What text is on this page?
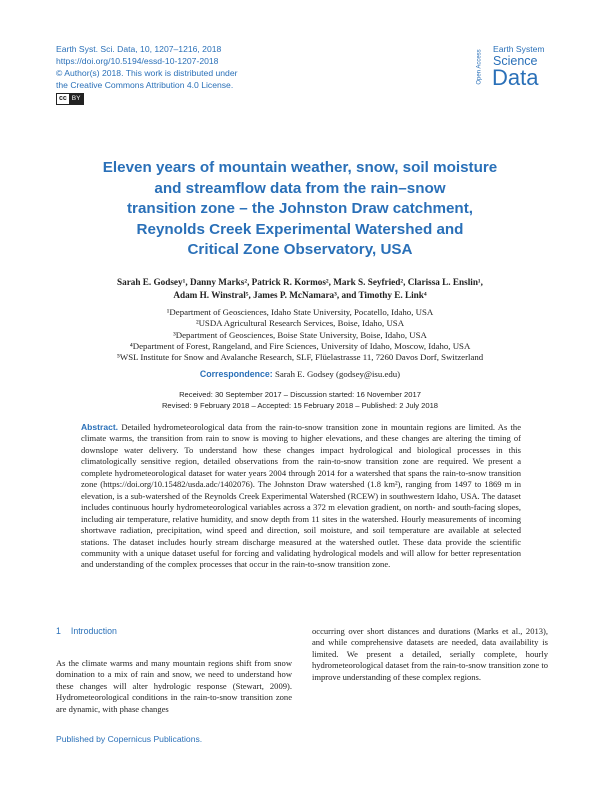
Earth Syst. Sci. Data, 10, 1207–1216, 2018
https://doi.org/10.5194/essd-10-1207-2018
© Author(s) 2018. This work is distributed under
the Creative Commons Attribution 4.0 License.
cc BY
Open Access
Earth System
Science
Data
Eleven years of mountain weather, snow, soil moisture
and streamflow data from the rain–snow
transition zone – the Johnston Draw catchment,
Reynolds Creek Experimental Watershed and
Critical Zone Observatory, USA
Sarah E. Godsey¹, Danny Marks², Patrick R. Kormos², Mark S. Seyfried², Clarissa L. Enslin¹,
Adam H. Winstral⁵, James P. McNamara³, and Timothy E. Link⁴
¹Department of Geosciences, Idaho State University, Pocatello, Idaho, USA
²USDA Agricultural Research Services, Boise, Idaho, USA
³Department of Geosciences, Boise State University, Boise, Idaho, USA
⁴Department of Forest, Rangeland, and Fire Sciences, University of Idaho, Moscow, Idaho, USA
⁵WSL Institute for Snow and Avalanche Research, SLF, Flüelastrasse 11, 7260 Davos Dorf, Switzerland
Correspondence: Sarah E. Godsey (godsey@isu.edu)
Received: 30 September 2017 – Discussion started: 16 November 2017
Revised: 9 February 2018 – Accepted: 15 February 2018 – Published: 2 July 2018
Abstract. Detailed hydrometeorological data from the rain-to-snow transition zone in mountain regions are limited. As the climate warms, the transition from rain to snow is moving to higher elevations, and these changes are altering the timing of downslope water delivery. To understand how these changes impact hydrological and biological processes in this climatologically sensitive region, detailed observations from the rain-to-snow transition zone are required. We present a complete hydrometeorological dataset for water years 2004 through 2014 for a watershed that spans the rain-to-snow transition zone (https://doi.org/10.15482/usda.adc/1402076). The Johnston Draw watershed (1.8 km²), ranging from 1497 to 1869 m in elevation, is a sub-watershed of the Reynolds Creek Experimental Watershed (RCEW) in southwestern Idaho, USA. The dataset includes continuous hourly hydrometeorological variables across a 372 m elevation gradient, on north- and south-facing slopes, including air temperature, relative humidity, and snow depth from 11 sites in the watershed. Hourly measurements of incoming shortwave radiation, precipitation, wind speed and direction, soil moisture, and soil temperature are available at selected stations. The dataset includes hourly stream discharge measured at the watershed outlet. These data provide the scientific community with a unique dataset useful for forcing and validating hydrological models and will allow for better representation and understanding of the complex processes that occur in the rain-to-snow transition zone.
1 Introduction
As the climate warms and many mountain regions shift from snow domination to a mix of rain and snow, we need to understand how these changes will alter hydrologic response (Stewart, 2009). Hydrometeorological conditions in the rain-to-snow transition zone are dynamic, with phase changes
occurring over short distances and durations (Marks et al., 2013), and while comprehensive datasets are needed, data availability is limited. We present a detailed, serially complete, hourly hydrometeorological dataset from the rain-to-snow transition zone to improve understanding of these complex regions.
Published by Copernicus Publications.
